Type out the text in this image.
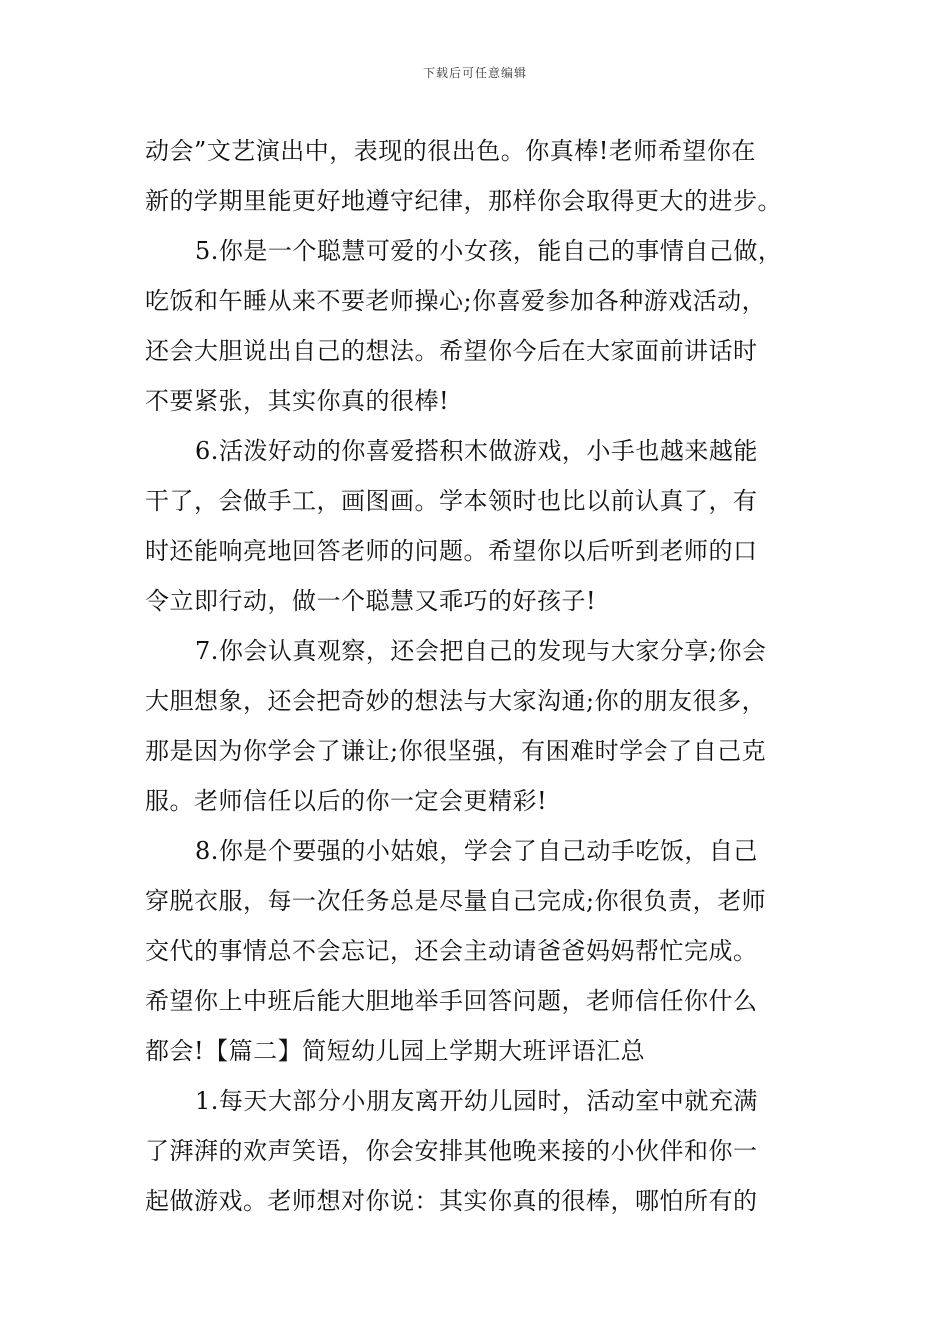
下载后可任意编辑
动会”文艺演出中，表现的很出色。你真棒!老师希望你在
新的学期里能更好地遵守纪律，那样你会取得更大的进步。
5.你是一个聪慧可爱的小女孩，能自己的事情自己做，
吃饭和午睡从来不要老师操心;你喜爱参加各种游戏活动，
还会大胆说出自己的想法。希望你今后在大家面前讲话时
不要紧张，其实你真的很棒!
6.活泼好动的你喜爱搭积木做游戏，小手也越来越能
干了，会做手工，画图画。学本领时也比以前认真了，有
时还能响亮地回答老师的问题。希望你以后听到老师的口
令立即行动，做一个聪慧又乖巧的好孩子!
7.你会认真观察，还会把自己的发现与大家分享;你会
大胆想象，还会把奇妙的想法与大家沟通;你的朋友很多，
那是因为你学会了谦让;你很坚强，有困难时学会了自己克
服。老师信任以后的你一定会更精彩!
8.你是个要强的小姑娘，学会了自己动手吃饭，自己
穿脱衣服，每一次任务总是尽量自己完成;你很负责，老师
交代的事情总不会忘记，还会主动请爸爸妈妈帮忙完成。
希望你上中班后能大胆地举手回答问题，老师信任你什么
都会!【篇二】简短幼儿园上学期大班评语汇总
1.每天大部分小朋友离开幼儿园时，活动室中就充满
了湃湃的欢声笑语，你会安排其他晚来接的小伙伴和你一
起做游戏。老师想对你说：其实你真的很棒，哪怕所有的
